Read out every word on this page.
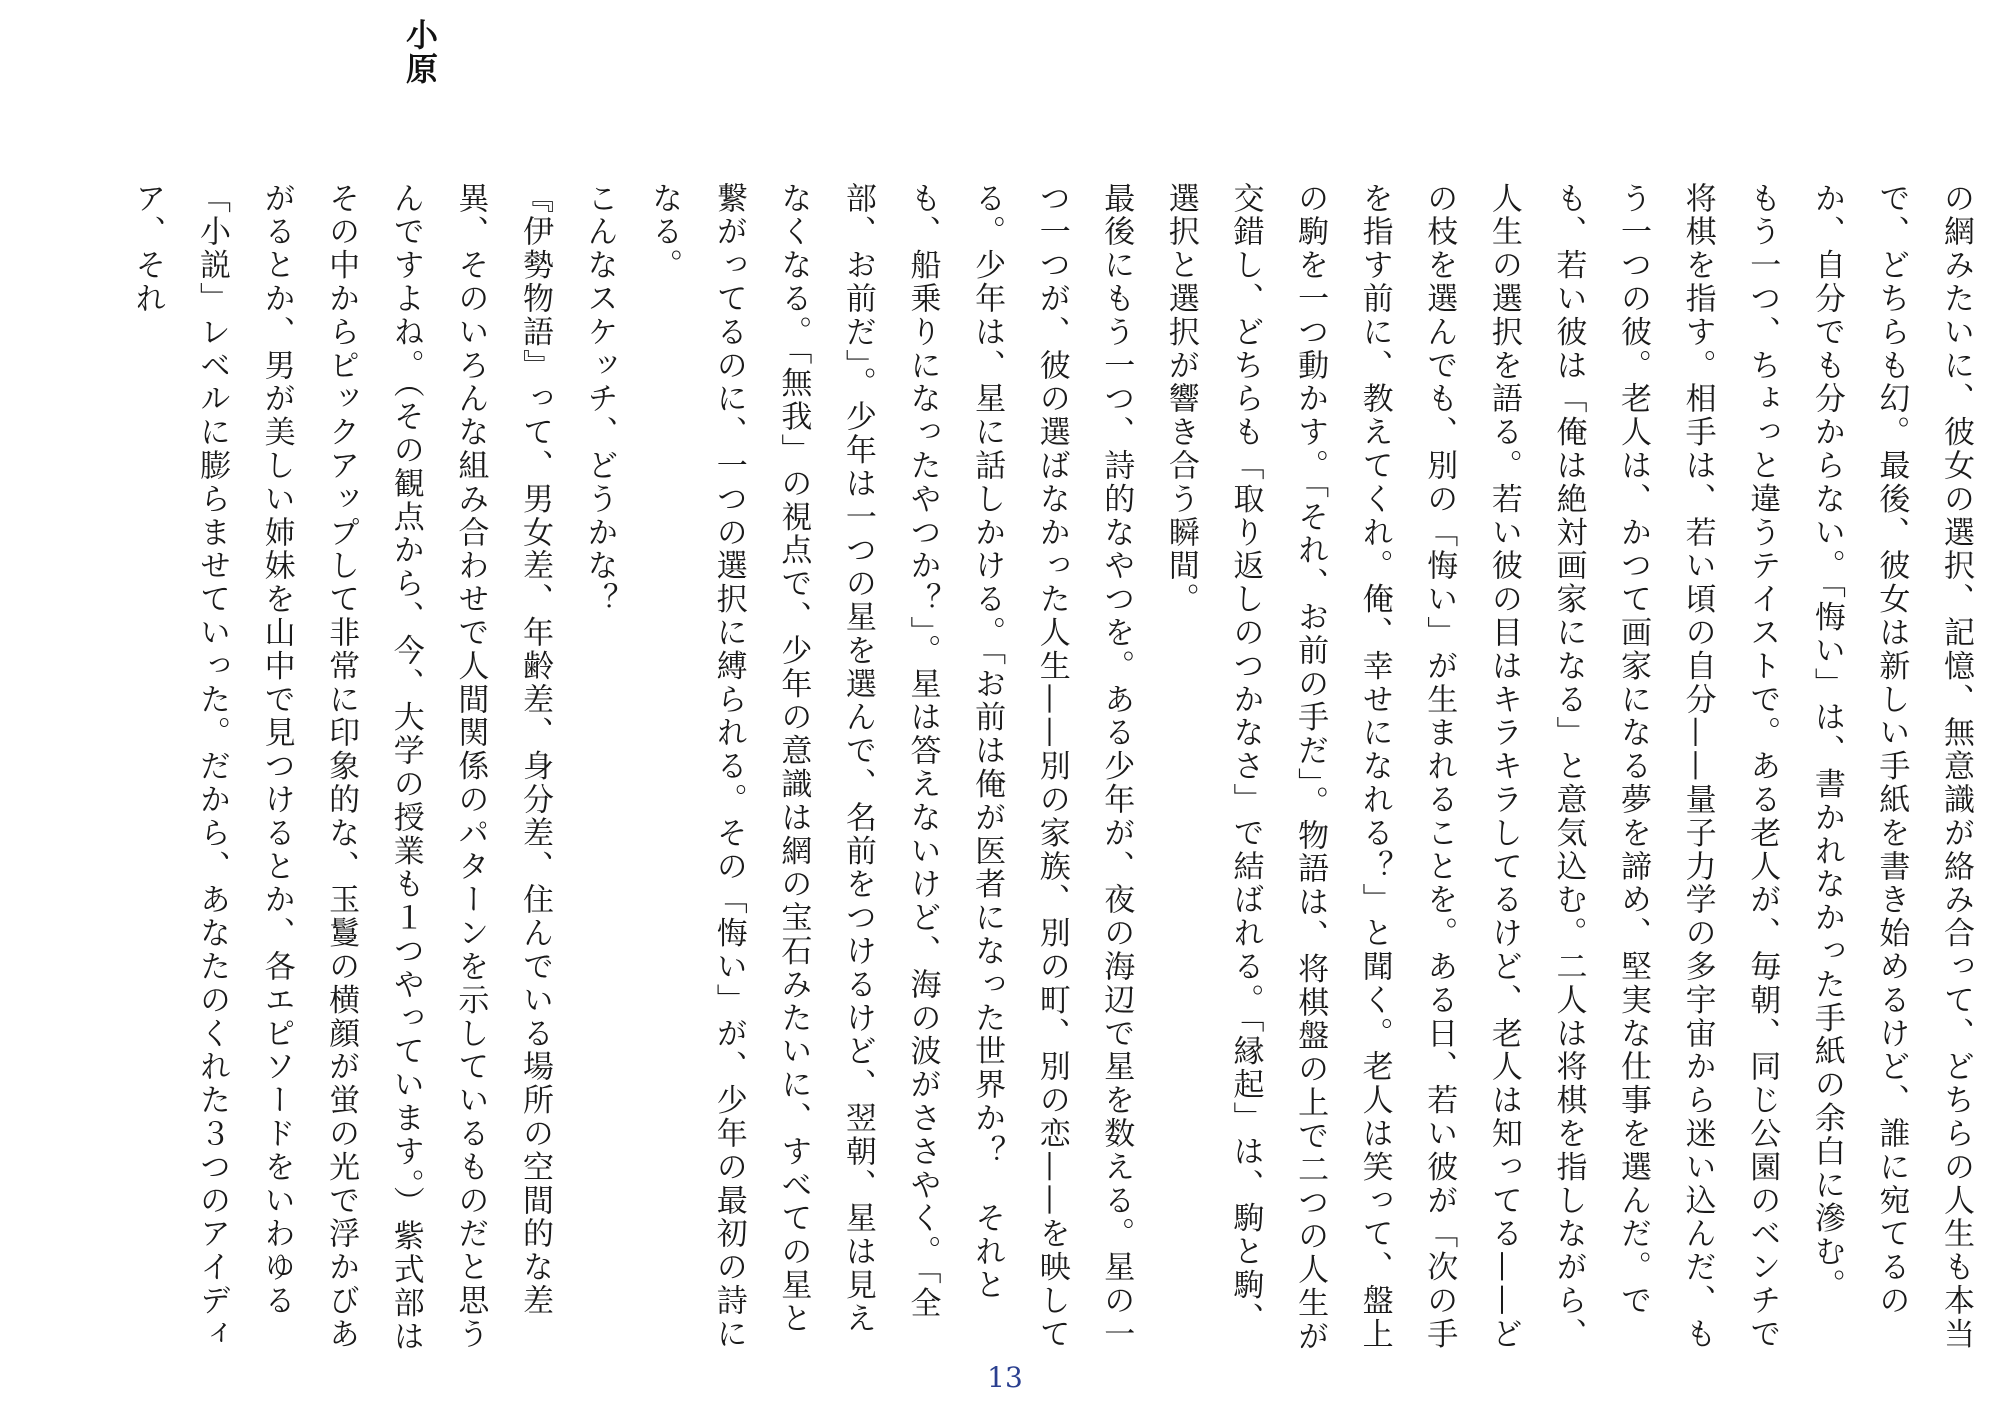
小原

の網みたいに、彼女の選択、記憶、無意識が絡み合って、どちらの人生も本当で、どちらも幻。最後、彼女は新しい手紙を書き始めるけど、誰に宛てるのか、自分でも分からない。「悔い」は、書かれなかった手紙の余白に滲む。

もう一つ、ちょっと違うテイストで。ある老人が、毎朝、同じ公園のベンチで将棋を指す。相手は、若い頃の自分——量子力学の多宇宙から迷い込んだ、もう一つの彼。老人は、かつて画家になる夢を諦め、堅実な仕事を選んだ。でも、若い彼は「俺は絶対画家になる」と意気込む。二人は将棋を指しながら、人生の選択を語る。若い彼の目はキラキラしてるけど、老人は知ってる——どの枝を選んでも、別の「悔い」が生まれることを。ある日、若い彼が「次の手を指す前に、教えてくれ。俺、幸せになれる？」と聞く。老人は笑って、盤上の駒を一つ動かす。「それ、お前の手だ」。物語は、将棋盤の上で二つの人生が交錯し、どちらも「取り返しのつかなさ」で結ばれる。「縁起」は、駒と駒、選択と選択が響き合う瞬間。

最後にもう一つ、詩的なやつを。ある少年が、夜の海辺で星を数える。星の一つ一つが、彼の選ばなかった人生——別の家族、別の町、別の恋——を映してる。少年は、星に話しかける。「お前は俺が医者になった世界か？　それとも、船乗りになったやつか？」。星は答えないけど、海の波がささやく。「全部、お前だ」。少年は一つの星を選んで、名前をつけるけど、翌朝、星は見えなくなる。「無我」の視点で、少年の意識は網の宝石みたいに、すべての星と繋がってるのに、一つの選択に縛られる。その「悔い」が、少年の最初の詩になる。

こんなスケッチ、どうかな？

『伊勢物語』って、男女差、年齢差、身分差、住んでいる場所の空間的な差異、そのいろんな組み合わせで人間関係のパターンを示しているものだと思うんですよね。（その観点から、今、大学の授業も１つやっています。）紫式部はその中からピックアップして非常に印象的な、玉鬘の横顔が蛍の光で浮かびあがるとか、男が美しい姉妹を山中で見つけるとか、各エピソードをいわゆる「小説」レベルに膨らませていった。だから、あなたのくれた３つのアイディア、それ

13
